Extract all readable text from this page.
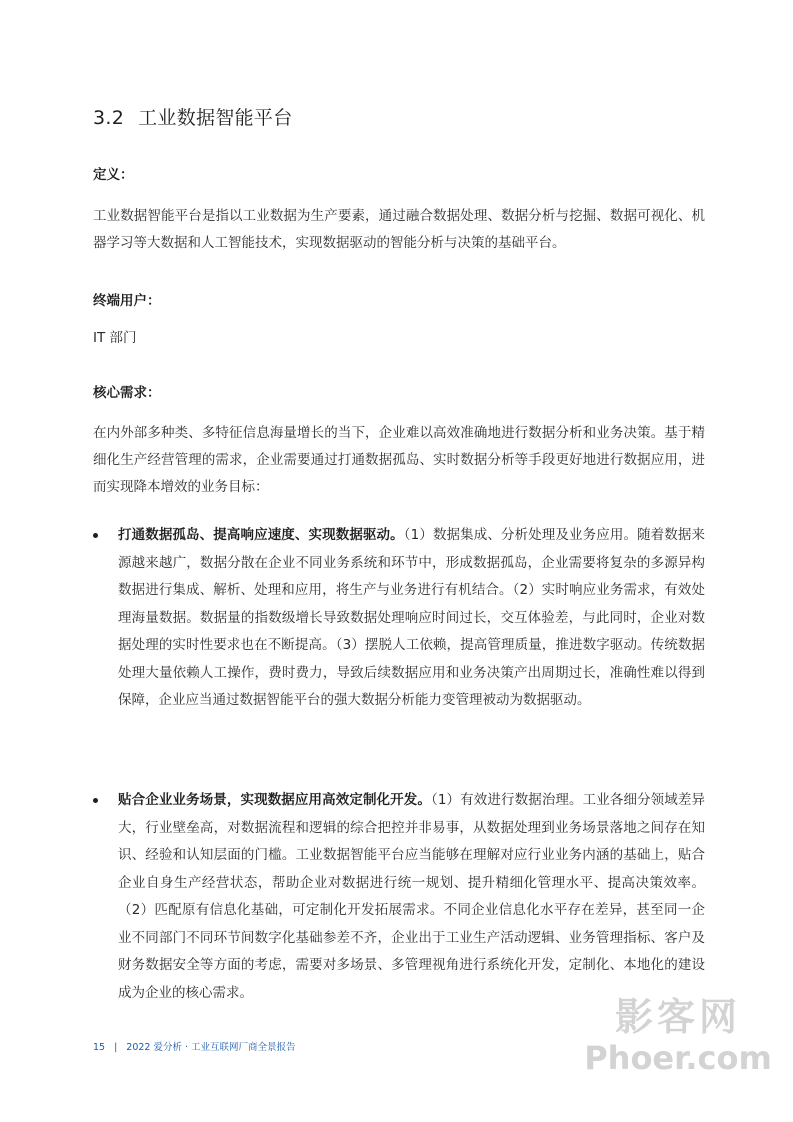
3.2 工业数据智能平台
定义：
工业数据智能平台是指以工业数据为生产要素，通过融合数据处理、数据分析与挖掘、数据可视化、机器学习等大数据和人工智能技术，实现数据驱动的智能分析与决策的基础平台。
终端用户：
IT 部门
核心需求：
在内外部多种类、多特征信息海量增长的当下，企业难以高效准确地进行数据分析和业务决策。基于精细化生产经营管理的需求，企业需要通过打通数据孤岛、实时数据分析等手段更好地进行数据应用，进而实现降本增效的业务目标：
打通数据孤岛、提高响应速度、实现数据驱动。（1）数据集成、分析处理及业务应用。随着数据来源越来越广，数据分散在企业不同业务系统和环节中，形成数据孤岛，企业需要将复杂的多源异构数据进行集成、解析、处理和应用，将生产与业务进行有机结合。（2）实时响应业务需求，有效处理海量数据。数据量的指数级增长导致数据处理响应时间过长，交互体验差，与此同时，企业对数据处理的实时性要求也在不断提高。（3）摆脱人工依赖，提高管理质量，推进数字驱动。传统数据处理大量依赖人工操作，费时费力，导致后续数据应用和业务决策产出周期过长，准确性难以得到保障，企业应当通过数据智能平台的强大数据分析能力变管理被动为数据驱动。
贴合企业业务场景，实现数据应用高效定制化开发。（1）有效进行数据治理。工业各细分领域差异大，行业壁垒高，对数据流程和逻辑的综合把控并非易事，从数据处理到业务场景落地之间存在知识、经验和认知层面的门槛。工业数据智能平台应当能够在理解对应行业业务内涵的基础上，贴合企业自身生产经营状态，帮助企业对数据进行统一规划、提升精细化管理水平、提高决策效率。（2）匹配原有信息化基础，可定制化开发拓展需求。不同企业信息化水平存在差异，甚至同一企业不同部门不同环节间数字化基础参差不齐，企业出于工业生产活动逻辑、业务管理指标、客户及财务数据安全等方面的考虑，需要对多场景、多管理视角进行系统化开发，定制化、本地化的建设成为企业的核心需求。
15 | 2022 爱分析 · 工业互联网厂商全景报告
影客网
Phoer.com
